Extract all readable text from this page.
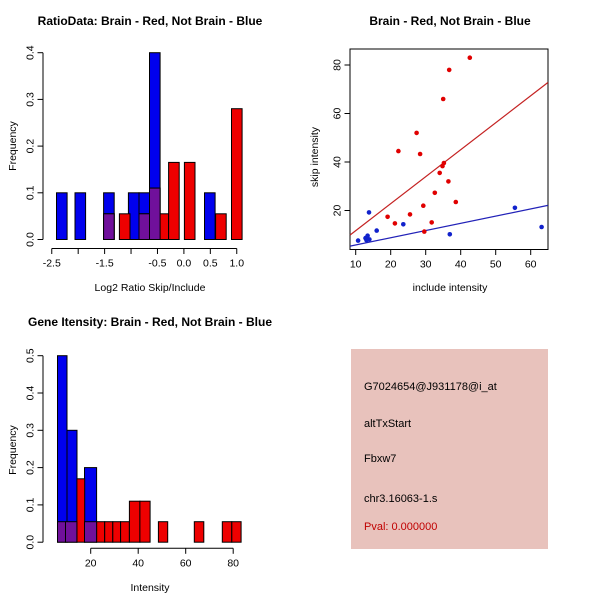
RatioData: Brain - Red, Not Brain - Blue
Frequency
Log2 Ratio Skip/Include
0.0
0.1
0.2
0.3
0.4
-2.5	-1.5	-0.5 0.0 0.5 1.0
Brain - Red, Not Brain - Blue
skip intensity
include intensity
10 20 30 40 50 60
20
40
60
80
Gene Itensity: Brain - Red, Not Brain - Blue
Frequency
Intensity
0.0
0.1
0.2
0.3
0.4
0.5
20	40	60	80
G7024654@J931178@i_at
altTxStart
Fbxw7
chr3.16063-1.s
Pval: 0.000000
